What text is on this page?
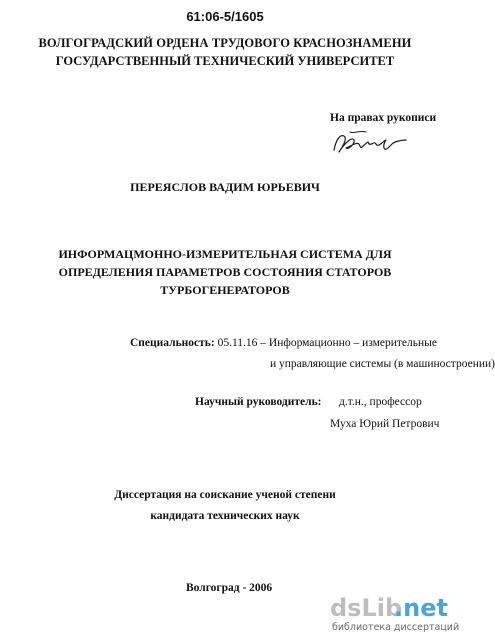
61:06-5/1605
ВОЛГОГРАДСКИЙ ОРДЕНА ТРУДОВОГО КРАСНОЗНАМЕНИ
ГОСУДАРСТВЕННЫЙ ТЕХНИЧЕСКИЙ УНИВЕРСИТЕТ
На правах рукописи
ПЕРЕЯСЛОВ ВАДИМ ЮРЬЕВИЧ
ИНФОРМАЦМОННО-ИЗМЕРИТЕЛЬНАЯ СИСТЕМА ДЛЯ
ОПРЕДЕЛЕНИЯ ПАРАМЕТРОВ СОСТОЯНИЯ СТАТОРОВ
ТУРБОГЕНЕРАТОРОВ
Специальность: 05.11.16 – Информационно – измерительные
и управляющие системы (в машиностроении)
Научный руководитель: д.т.н., профессор
Муха Юрий Петрович
Диссертация на соискание ученой степени
кандидата технических наук
Волгоград - 2006
dsLib
.net
библиотека диссертаций
